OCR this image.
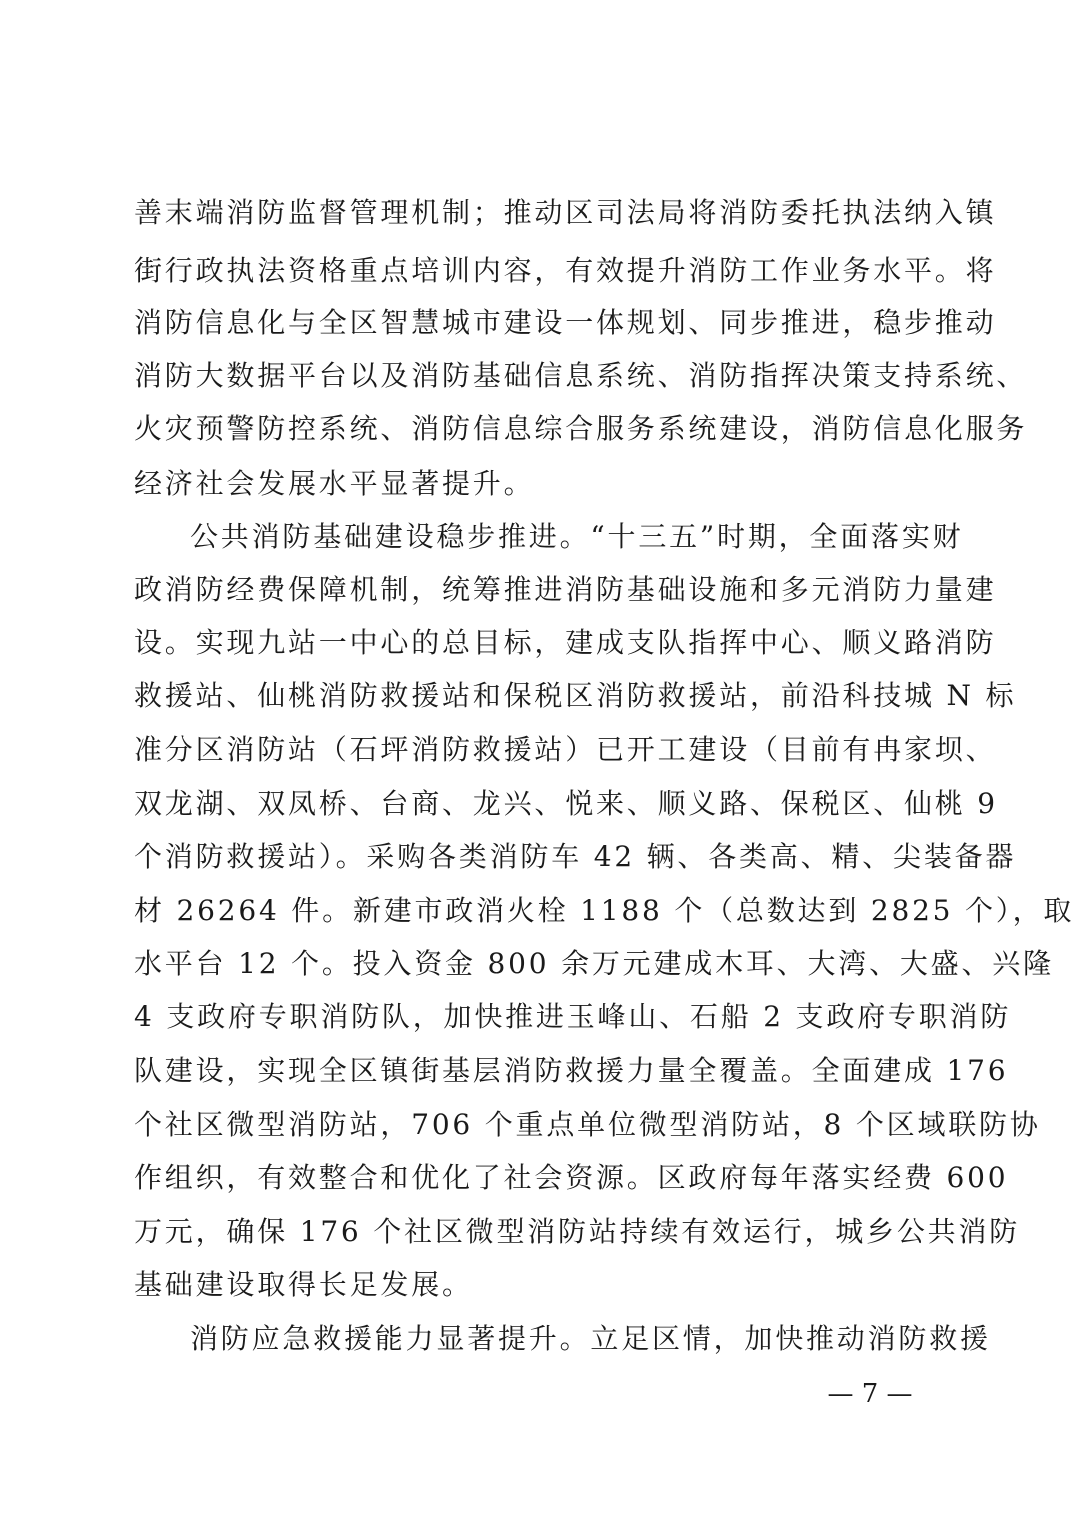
善末端消防监督管理机制；推动区司法局将消防委托执法纳入镇
街行政执法资格重点培训内容，有效提升消防工作业务水平。将
消防信息化与全区智慧城市建设一体规划、同步推进，稳步推动
消防大数据平台以及消防基础信息系统、消防指挥决策支持系统、
火灾预警防控系统、消防信息综合服务系统建设，消防信息化服务
经济社会发展水平显著提升。
公共消防基础建设稳步推进。“十三五”时期，全面落实财
政消防经费保障机制，统筹推进消防基础设施和多元消防力量建
设。实现九站一中心的总目标，建成支队指挥中心、顺义路消防
救援站、仙桃消防救援站和保税区消防救援站，前沿科技城 N 标
准分区消防站（石坪消防救援站）已开工建设（目前有冉家坝、
双龙湖、双凤桥、台商、龙兴、悦来、顺义路、保税区、仙桃 9
个消防救援站）。采购各类消防车 42 辆、各类高、精、尖装备器
材 26264 件。新建市政消火栓 1188 个（总数达到 2825 个），取
水平台 12 个。投入资金 800 余万元建成木耳、大湾、大盛、兴隆
4 支政府专职消防队，加快推进玉峰山、石船 2 支政府专职消防
队建设，实现全区镇街基层消防救援力量全覆盖。全面建成 176
个社区微型消防站，706 个重点单位微型消防站，8 个区域联防协
作组织，有效整合和优化了社会资源。区政府每年落实经费 600
万元，确保 176 个社区微型消防站持续有效运行，城乡公共消防
基础建设取得长足发展。
消防应急救援能力显著提升。立足区情，加快推动消防救援
— 7 —
